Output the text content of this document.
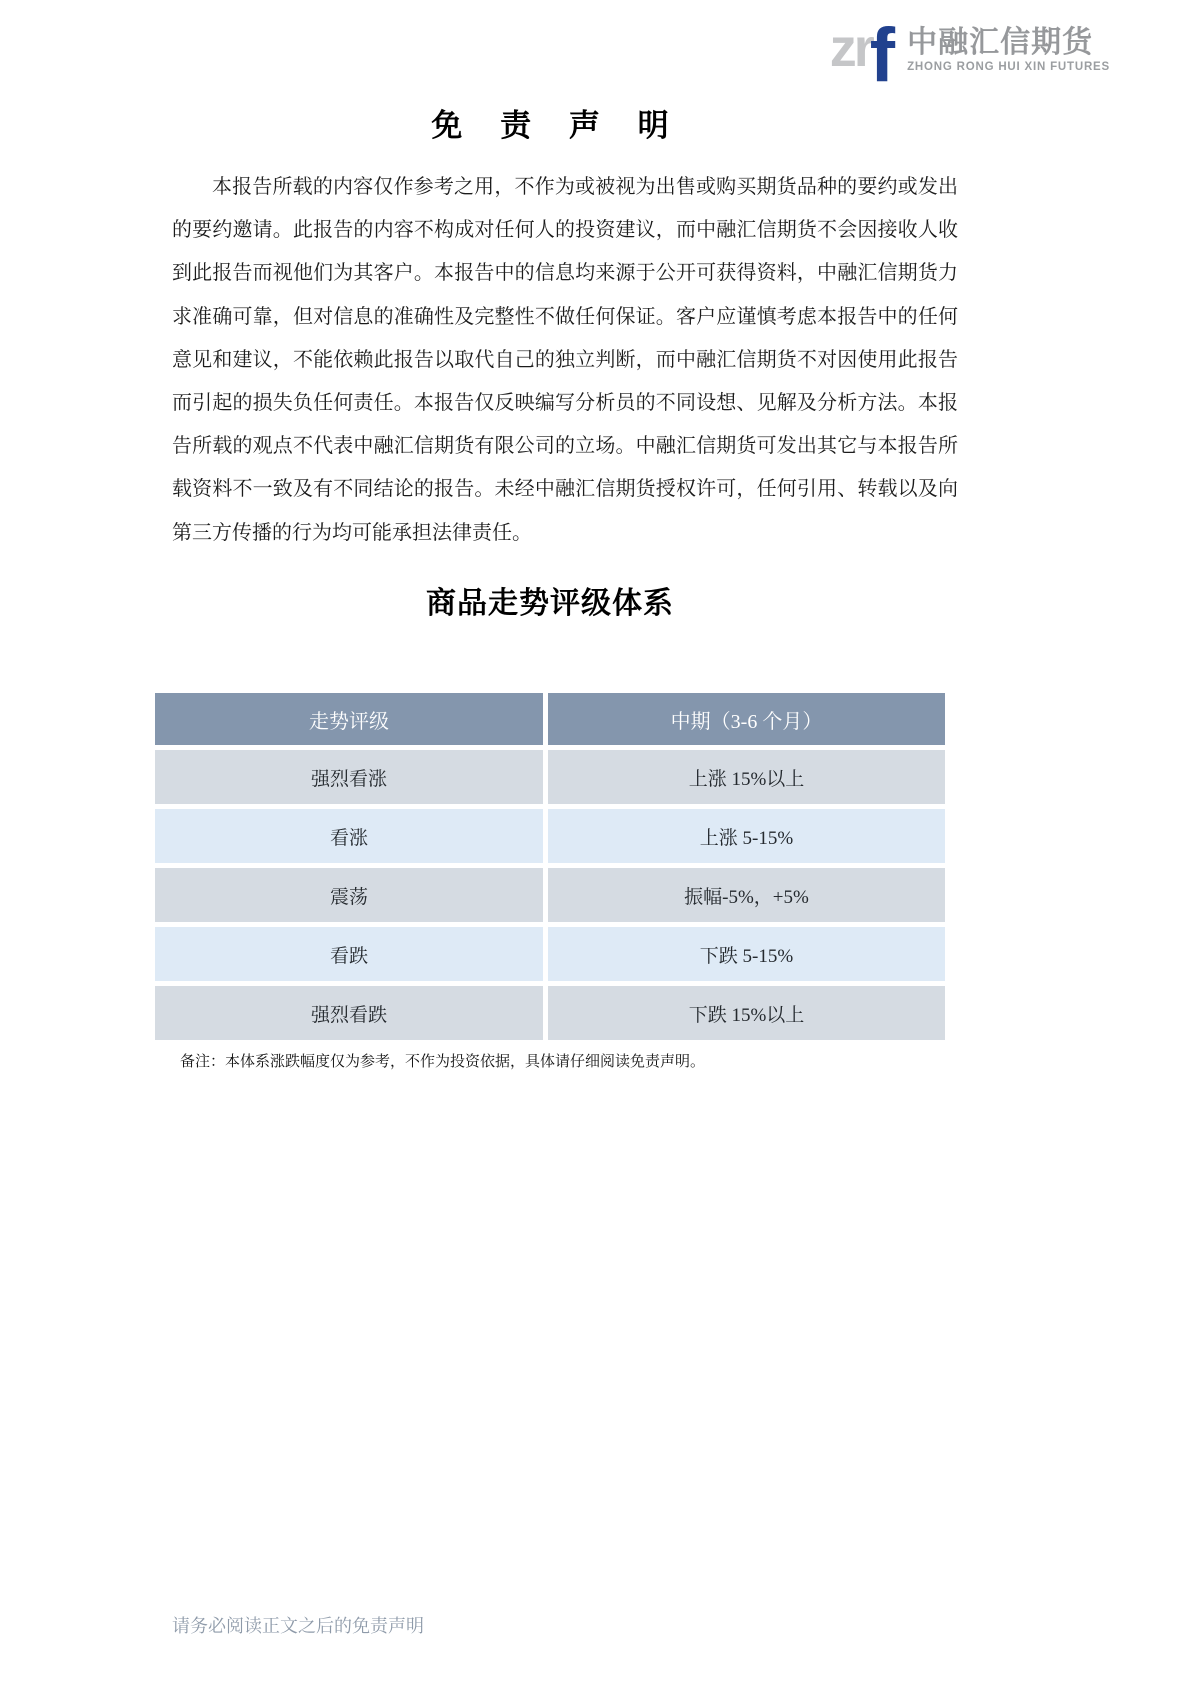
zr
f 中融汇信期货
ZHONG RONG HUI XIN FUTURES
免 责 声 明

本报告所载的内容仅作参考之用，不作为或被视为出售或购买期货品种的要约或发出的要约邀请。此报告的内容不构成对任何人的投资建议，而中融汇信期货不会因接收人收到此报告而视他们为其客户。本报告中的信息均来源于公开可获得资料，中融汇信期货力求准确可靠，但对信息的准确性及完整性不做任何保证。客户应谨慎考虑本报告中的任何意见和建议，不能依赖此报告以取代自己的独立判断，而中融汇信期货不对因使用此报告而引起的损失负任何责任。本报告仅反映编写分析员的不同设想、见解及分析方法。本报告所载的观点不代表中融汇信期货有限公司的立场。中融汇信期货可发出其它与本报告所载资料不一致及有不同结论的报告。未经中融汇信期货授权许可，任何引用、转载以及向第三方传播的行为均可能承担法律责任。

商品走势评级体系
走势评级	中期（3-6 个月）
强烈看涨	上涨 15%以上
看涨	上涨 5-15%
震荡	振幅-5%，+5%
看跌	下跌 5-15%
强烈看跌	下跌 15%以上
备注：本体系涨跌幅度仅为参考，不作为投资依据，具体请仔细阅读免责声明。
请务必阅读正文之后的免责声明
